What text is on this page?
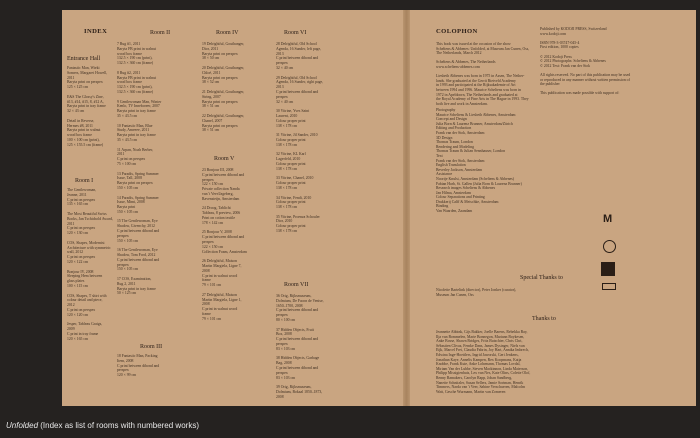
INDEX
Entrance Hall
Fantastic Man, Wieki
Somers, Margaret Howell,
2011
Barytа print on perspex
125 × 125 cm

E&S The Glossy's Zine,
#13, #14, #15, 8, #12 A,
Barytа print in tray frame
32 × 43 cm

Detail in Reverse,
Hermes #8, 2011
Barytа print in walnut
wood box frame
100 × 100 cm (print),
125 × 155.5 cm (frame)
Room I
The Gentlewoman,
Jeanne, 2011
C print on perspex
135 × 165 cm

The Most Beautiful Swiss
Books, Jan Tschichold Award,
2011
C print on perspex
120 × 130 cm

COS, Shapes, Modernist
Architecture with symmetric
wall, 2012
C print on perspex
120 × 122 cm

Bonjour IV, 2008
Sleeping Hem between
glass plates
100 × 115 cm

COS, Shapes, T shirt with
colour detail and piece,
2012
C print on perspex
120 × 120 cm

Jesper, Tableau Graigs,
2009
C print in tray frame
120 × 165 cm
Room II
7 Rug #1, 2011
Barytа FB print in walnut
wood box frame
132.5 × 190 cm (print),
132.5 × 360 cm (frame)

8 Rug #2, 2011
Barytа FB print in walnut
wood box frame
132.5 × 190 cm (print),
132.5 × 360 cm (frame)

9 Gentlewoman Man, Winter
Kenlo, TV Inneboreer, 2007
Barytа print in tray frame
35 × 43.5 cm

10 Fantastic Man, Blue
Study, Ameeee, 2011
Barytа print in tray frame
35 × 43.5 cm

11 Arpan, Noah Berber,
2011
C print on perspex
75 × 100 cm

13 Paradis, Spring Summer
Issue, Tall, 2008
Barytа print on perspex
150 × 105 cm

14 Paradis, Spring Summer
Issue, Mimi, 2008
Barytа print
150 × 105 cm

15 The Gentlewoman, Eye
Shadow, Givenchy, 2012
C print between dibond and
perspex
150 × 105 cm

16 The Gentlewoman, Eye
Shadow, Tom Ford, 2012
C print between dibond and
perspex
150 × 105 cm

17 COS, Examination,
Rug 2, 2011
Barytа print in tray frame
50 × 125 cm
Room III
18 Fantastic Man, Packing
Item, 2008
C print between dibond and
perspex
120 × 99 cm
Room IV
19 Delrightful, Gouthanger,
Dior, 2011
Barytа print on perspex
38 × 50 cm

20 Delrightful, Gouthanger,
Chloé, 2011
Barytа print on perspex
38 × 52 cm

21 Delrightful, Gouthanger,
String, 2007
Barytа print on perspex
38 × 51 cm

22 Delrightful, Gouthanger,
Chanel, 2007
Barytа print on perspex
38 × 51 cm
Room V
23 Bonjour III, 2008
C print between dibond and
perspex
122 × 150 cm
Private collection Nanda
van 't Veer/Jageberg,
Ravensteijn, Amsterdam

24 Droog, Tablicht
Tableau, 8 preview, 2006
Print on cotton textile
178 × 142 cm

25 Bonjour V, 2008
C print between dibond and
perspex
122 × 150 cm
Collection Foam, Amsterdam

26 Delrightful, Maison
Martin Margiela, Ligne 7,
2008
C print in walnut wood
frame
79 × 101 cm

27 Delrightful, Maison
Martin Margiela, Ligne 1,
2008
C print in walnut wood
frame
79 × 101 cm
Room VI
28 Delrightful, Old School
Agenda, 16 Sunder, left page,
2013
C print between dibond and
perspex
32 × 40 cm

29 Delrightful, Old School
Agenda, 16 Sunder, right page,
2013
C print between dibond and
perspex
32 × 40 cm

30 Vitrine, Yves Saint
Laurent, 2010
Colour proper print
138 × 178 cm

31 Vitrine, Jil Sander, 2010
Colour proper print
138 × 178 cm

32 Vitrine, KL Karl
Lagerfeld, 2010
Colour proper print
138 × 178 cm

33 Vitrine, Chanel, 2010
Colour proper print
138 × 178 cm

34 Vitrine, Fendi, 2010
Colour proper print
138 × 178 cm

35 Vitrine, Proenza Schouler
Dior, 2010
Colour proper print
138 × 178 cm
Room VII
36 Orig, Rijksmuseum,
Dolmium, De Facon de Venise,
1650–1700, 2008
C print between dibond and
perspex
80 × 100 cm

37 Hidden Objects, Fruit
Box, 2008
C print between dibond and
perspex
83 × 103 cm

38 Hidden Objects, Garbage
Bag, 2008
C print between dibond and
perspex
83 × 103 cm

39 Orig, Rijksmuseum,
Dolmium, Bokaal 1850–1873,
2008
COLOPHON
This book was issued at the occasion of the show
Scheltens & Abbenes: Unfolded, at Museum Jan Cunen, Oss,
The Netherlands, March 2012

Scheltens & Abbenes, The Netherlands
www.scheltens-abbenes.com

Liesbeth Abbenes was born in 1975 in Assen, The Nether-
lands. She graduated at the Gerrit Rietveld Academy
in 1993 and participated at the Rijksakademie of Art
between 1994 and 1996. Maurice Scheltens was born in
1972 in Apeldoorn, The Netherlands and graduated at
the Royal Academy of Fine Arts in The Hague in 1993. They
both live and work in Amsterdam.
Photography
Maurice Scheltens & Liesbeth Abbenes, Amsterdam
Concept and Design
Julia Born & Laurenz Brunner, Amsterdam/Zürich
Editing and Production
Frank van der Stok, Amsterdam
3D Design
Thomas Traum, London
Rendering and Modeling
Thomas Traum & Julian Sennhauser, London
Text
Frank van der Stok, Amsterdam
English Translation
Beverley Jackson, Amsterdam
Assistance
Noortje Knulst, Amsterdam (Scheltens & Abbenes)
Fabian Harb, St. Gallen (Julia Born & Laurenz Brunner)
Research images Scheltens & Abbenes
Jan Hilma, Amsterdam
Colour Separations and Printing
Drukkerij Calff & Meischke, Amsterdam
Binding
Van Waarden, Zaandam
Published by KODOJI PRESS, Switzerland
www.kodoji.com

ISBN 978-3-03747-045-4
First edition, 1000 copies

© 2012 Kodoji Press
© 2012 Photographs: Scheltens & Abbenes
© 2012 Text: Frank van der Stok

All rights reserved. No part of this publication may be used
or reproduced in any manner without written permission of
the publisher

This publication was made possible with support of:
M
Special Thanks to
Nicolette Bartelink (director), Peter Jonker (curator),
Museum Jan Cunen, Oss
Thanks to
Jeannette Abbink, Gijs Bakker, Joelle Barens, Rebekka Bay,
Ilja van Bommelen, Marie Bonnegon, Mariann Boykesen,
Anke Bosse, Shawn Bridges, Fritz Butschier, Chris Chri,
Sébastien Clivaz, Femke Dans, James Dysinger, Niels van
Eijk, Marcel Frei, Claudia Fabrin, Joy Hart, Annika Imbrech,
Edwina Inge-Hoettlers, Ingrid Jaworski, Geri Jenkens,
Jonathan Kaye, Annelis Kampen, Rex Koopmans, Katja
Knobbe, Frank Kuie, Anke Lohrmann, Thomas Lovdal,
Miriam Van der Lubbe, Steven Mackinnon, Linda Maierson,
Philipp Missigienhuis, Lex van Nes, Kate Olins, Colette Olof,
Renny Ramakers, Carolyn Rapp, Johan Sandberg,
Nanette Schnitzler, Susan Sellers, Jamie Sortman, Henrik
Timmers, Narda van 't Veer, Sabine Verschueren, Malcolm
Watt, Gesche Wurmann, Martin van Zomeren
Unfolded (Index as list of rooms with numbered works)
